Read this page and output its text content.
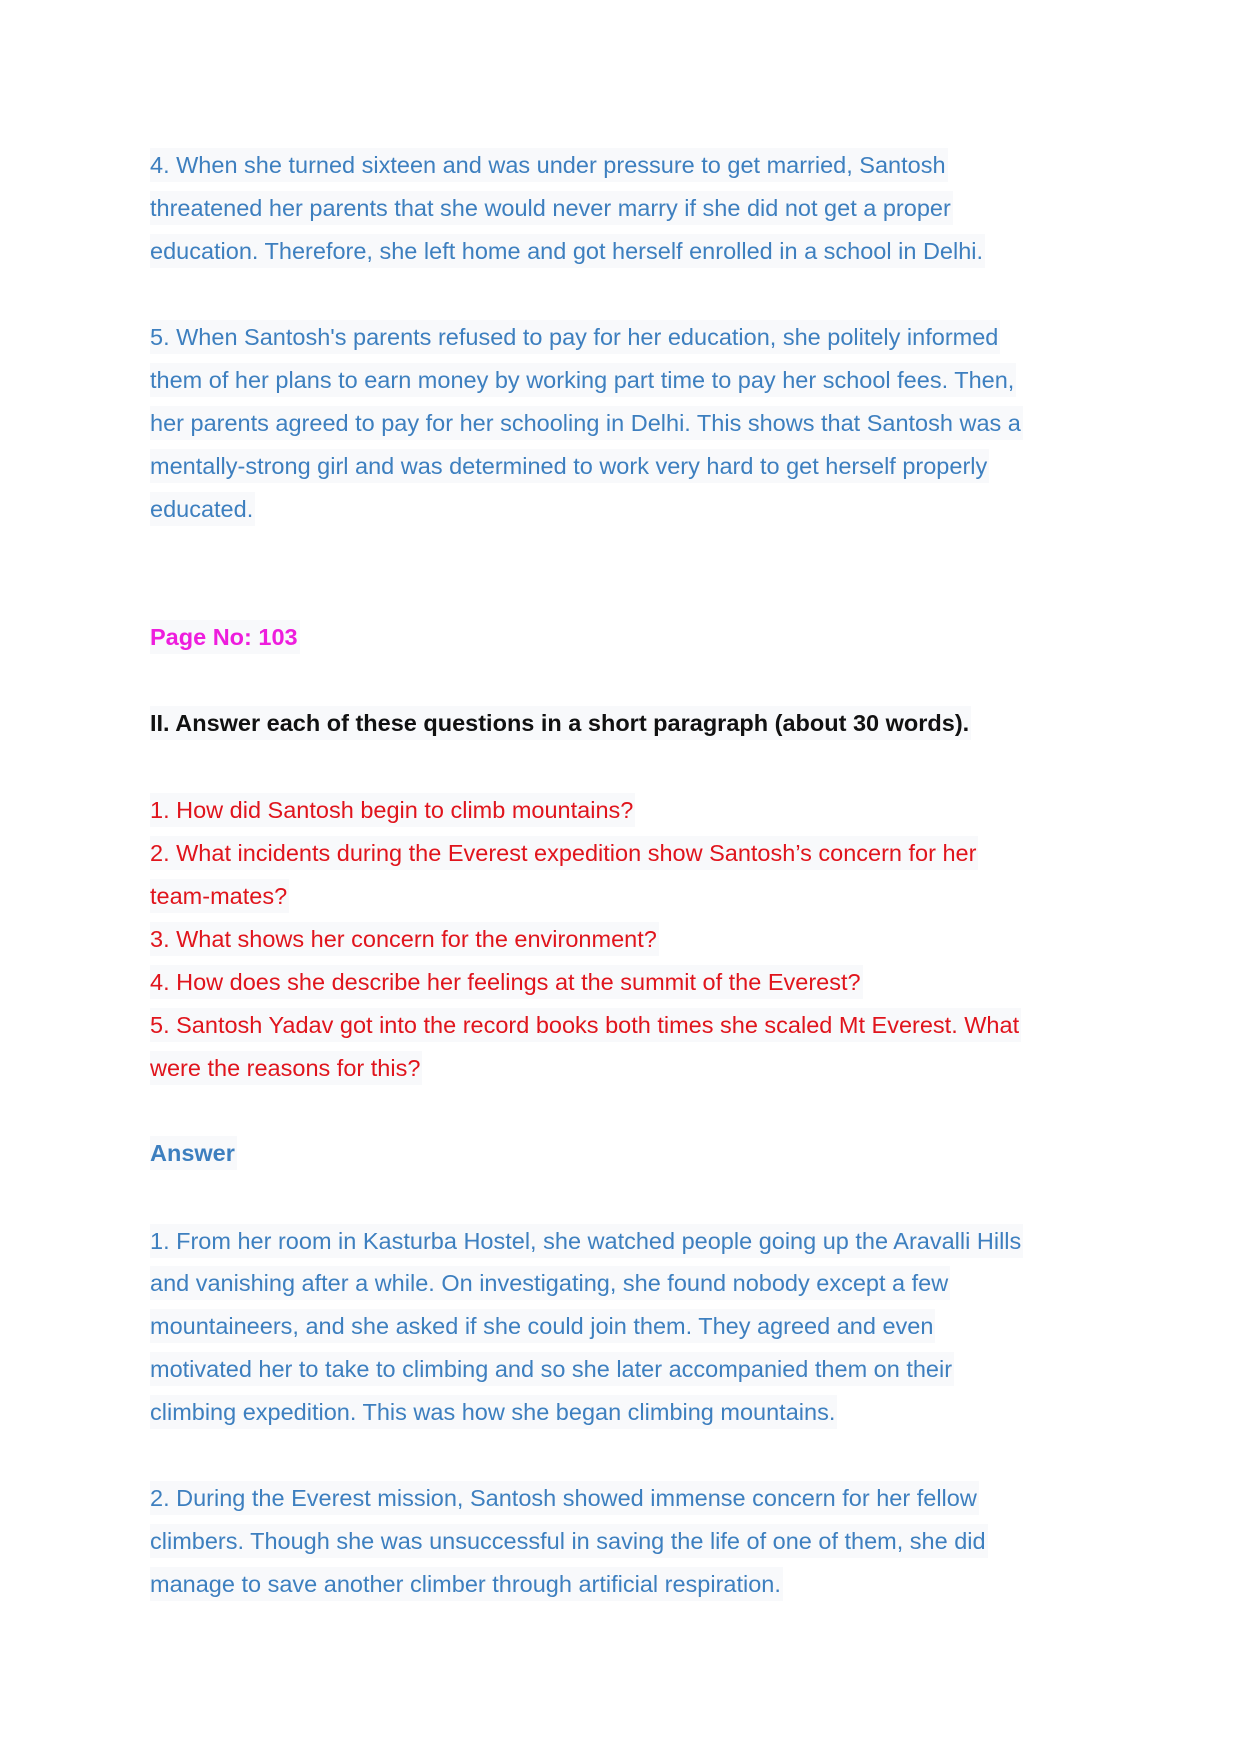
4. When she turned sixteen and was under pressure to get married, Santosh
threatened her parents that she would never marry if she did not get a proper
education. Therefore, she left home and got herself enrolled in a school in Delhi.
5. When Santosh's parents refused to pay for her education, she politely informed
them of her plans to earn money by working part time to pay her school fees. Then,
her parents agreed to pay for her schooling in Delhi. This shows that Santosh was a
mentally-strong girl and was determined to work very hard to get herself properly
educated.
Page No: 103
II. Answer each of these questions in a short paragraph (about 30 words).
1. How did Santosh begin to climb mountains?
2. What incidents during the Everest expedition show Santosh’s concern for her
team-mates?
3. What shows her concern for the environment?
4. How does she describe her feelings at the summit of the Everest?
5. Santosh Yadav got into the record books both times she scaled Mt Everest. What
were the reasons for this?
Answer
1. From her room in Kasturba Hostel, she watched people going up the Aravalli Hills
and vanishing after a while. On investigating, she found nobody except a few
mountaineers, and she asked if she could join them. They agreed and even
motivated her to take to climbing and so she later accompanied them on their
climbing expedition. This was how she began climbing mountains.
2. During the Everest mission, Santosh showed immense concern for her fellow
climbers. Though she was unsuccessful in saving the life of one of them, she did
manage to save another climber through artificial respiration.
